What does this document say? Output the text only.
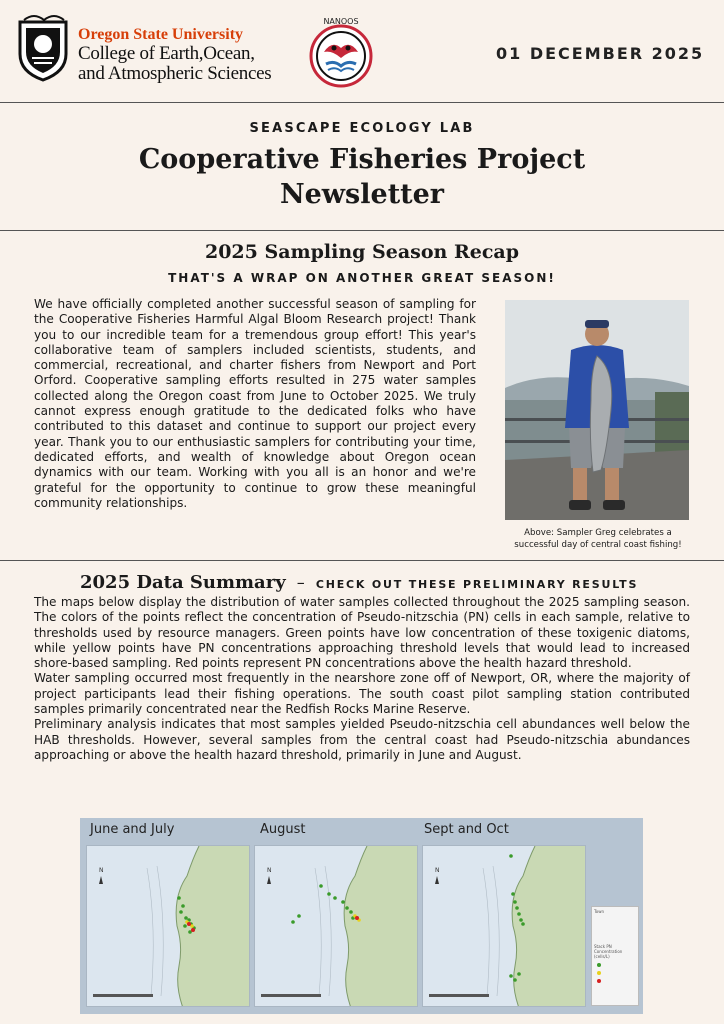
Oregon State University
College of Earth,Ocean,
and Atmospheric Sciences
NANOOS
01 DECEMBER 2025
SEASCAPE ECOLOGY LAB
Cooperative Fisheries Project
Newsletter
2025 Sampling Season Recap
THAT'S A WRAP ON ANOTHER GREAT SEASON!
We have officially completed another successful season of sampling for the Cooperative Fisheries Harmful Algal Bloom Research project! Thank you to our incredible team for a tremendous group effort! This year's collaborative team of samplers included scientists, students, and commercial, recreational, and charter fishers from Newport and Port Orford. Cooperative sampling efforts resulted in 275 water samples collected along the Oregon coast from June to October 2025. We truly cannot express enough gratitude to the dedicated folks who have contributed to this dataset and continue to support our project every year. Thank you to our enthusiastic samplers for contributing your time, dedicated efforts, and wealth of knowledge about Oregon ocean dynamics with our team. Working with you all is an honor and we're grateful for the opportunity to continue to grow these meaningful community relationships.
Above: Sampler Greg celebrates a
successful day of central coast fishing!
2025 Data Summary – CHECK OUT THESE PRELIMINARY RESULTS

The maps below display the distribution of water samples collected throughout the 2025 sampling season. The colors of the points reflect the concentration of Pseudo-nitzschia (PN) cells in each sample, relative to thresholds used by resource managers. Green points have low concentration of these toxigenic diatoms, while yellow points have PN concentrations approaching threshold levels that would lead to increased shore-based sampling. Red points represent PN concentrations above the health hazard threshold.

Water sampling occurred most frequently in the nearshore zone off of Newport, OR, where the majority of project participants lead their fishing operations. The south coast pilot sampling station contributed samples primarily concentrated near the Redfish Rocks Marine Reserve.

Preliminary analysis indicates that most samples yielded Pseudo-nitzschia cell abundances well below the HAB thresholds. However, several samples from the central coast had Pseudo-nitzschia abundances approaching or above the health hazard threshold, primarily in June and August.

June and July	August	Sept and Oct
N	N	N
Town
Stack PN Concentration (cells/L)
